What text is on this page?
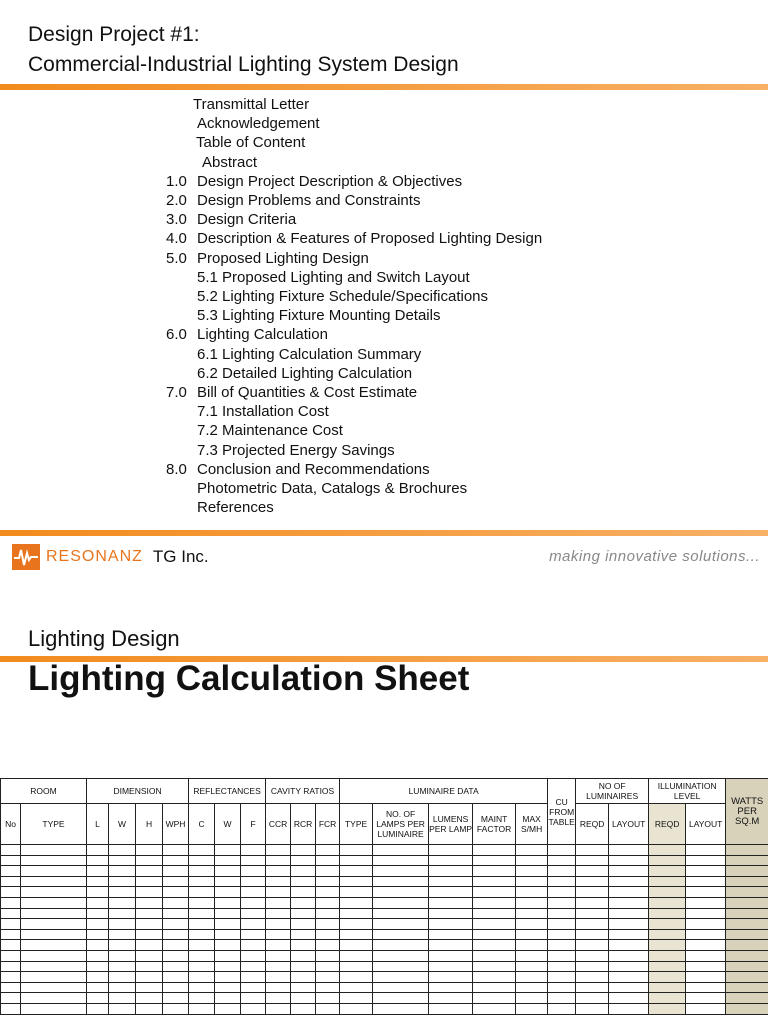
Design Project #1:
Commercial-Industrial Lighting System Design
Transmittal Letter
Acknowledgement
Table of Content
Abstract
1.0 Design Project Description & Objectives
2.0 Design Problems and Constraints
3.0 Design Criteria
4.0 Description & Features of Proposed Lighting Design
5.0 Proposed Lighting Design
5.1 Proposed Lighting and Switch Layout
5.2 Lighting Fixture Schedule/Specifications
5.3 Lighting Fixture Mounting Details
6.0 Lighting Calculation
6.1 Lighting Calculation Summary
6.2 Detailed Lighting Calculation
7.0 Bill of Quantities & Cost Estimate
7.1 Installation Cost
7.2 Maintenance Cost
7.3 Projected Energy Savings
8.0 Conclusion and Recommendations
Photometric Data, Catalogs & Brochures
References
RESONANZ TG Inc.	making innovative solutions...
Lighting Design
Lighting Calculation Sheet
ROOM		DIMENSION				REFLECTANCES			CAVITY RATIOS			LUMINAIRE DATA					CU FROM TABLE	NO OF LUMINAIRES		ILLUMINATION LEVEL		WATTS PER SQ.M
No	TYPE	L	W	H	WPH	C	W	F	CCR	RCR	FCR	TYPE	NO. OF LAMPS PER LUMINAIRE	LUMENS PER LAMP	MAINT FACTOR	MAX S/MH		REQD	LAYOUT	REQD	LAYOUT	
